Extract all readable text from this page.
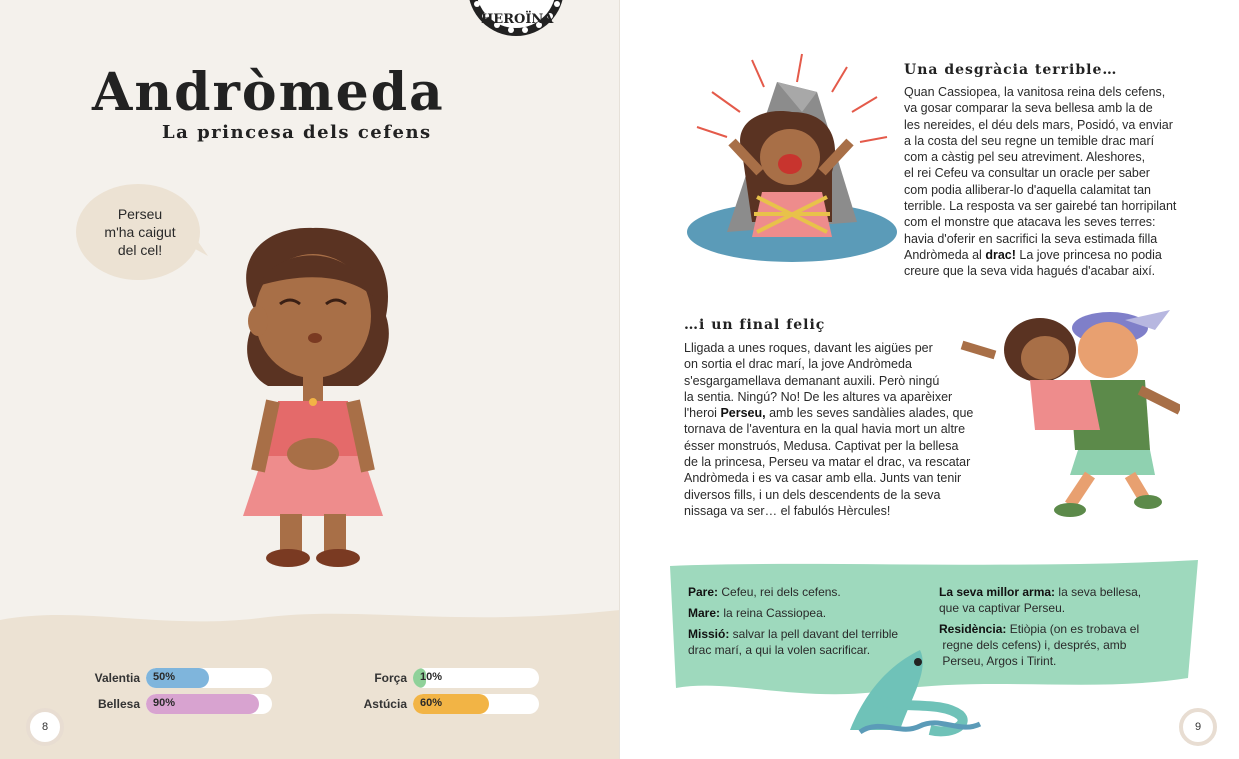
HEROÏNA
Andròmeda
La princesa dels cefens
Perseu
m'ha caigut
del cel!
Valentia 50%
Bellesa 90%
Força 10%
Astúcia 60%
8
Una desgràcia terrible…
Quan Cassiopea, la vanitosa reina dels cefens,
va gosar comparar la seva bellesa amb la de
les nereides, el déu dels mars, Posidó, va enviar
a la costa del seu regne un temible drac marí
com a càstig pel seu atreviment. Aleshores,
el rei Cefeu va consultar un oracle per saber
com podia alliberar-lo d'aquella calamitat tan
terrible. La resposta va ser gairebé tan horripilant
com el monstre que atacava les seves terres:
havia d'oferir en sacrifici la seva estimada filla
Andròmeda al drac! La jove princesa no podia
creure que la seva vida hagués d'acabar així.
…i un final feliç
Lligada a unes roques, davant les aigües per
on sortia el drac marí, la jove Andròmeda
s'esgargamellava demanant auxili. Però ningú
la sentia. Ningú? No! De les altures va aparèixer
l'heroi Perseu, amb les seves sandàlies alades, que
tornava de l'aventura en la qual havia mort un altre
ésser monstruós, Medusa. Captivat per la bellesa
de la princesa, Perseu va matar el drac, va rescatar
Andròmeda i es va casar amb ella. Junts van tenir
diversos fills, i un dels descendents de la seva
nissaga va ser… el fabulós Hèrcules!
Pare: Cefeu, rei dels cefens.
Mare: la reina Cassiopea.
Missió: salvar la pell davant del terrible
drac marí, a qui la volen sacrificar.
La seva millor arma: la seva bellesa,
que va captivar Perseu.
Residència: Etiòpia (on es trobava el
regne dels cefens) i, després, amb
Perseu, Argos i Tirint.
9
